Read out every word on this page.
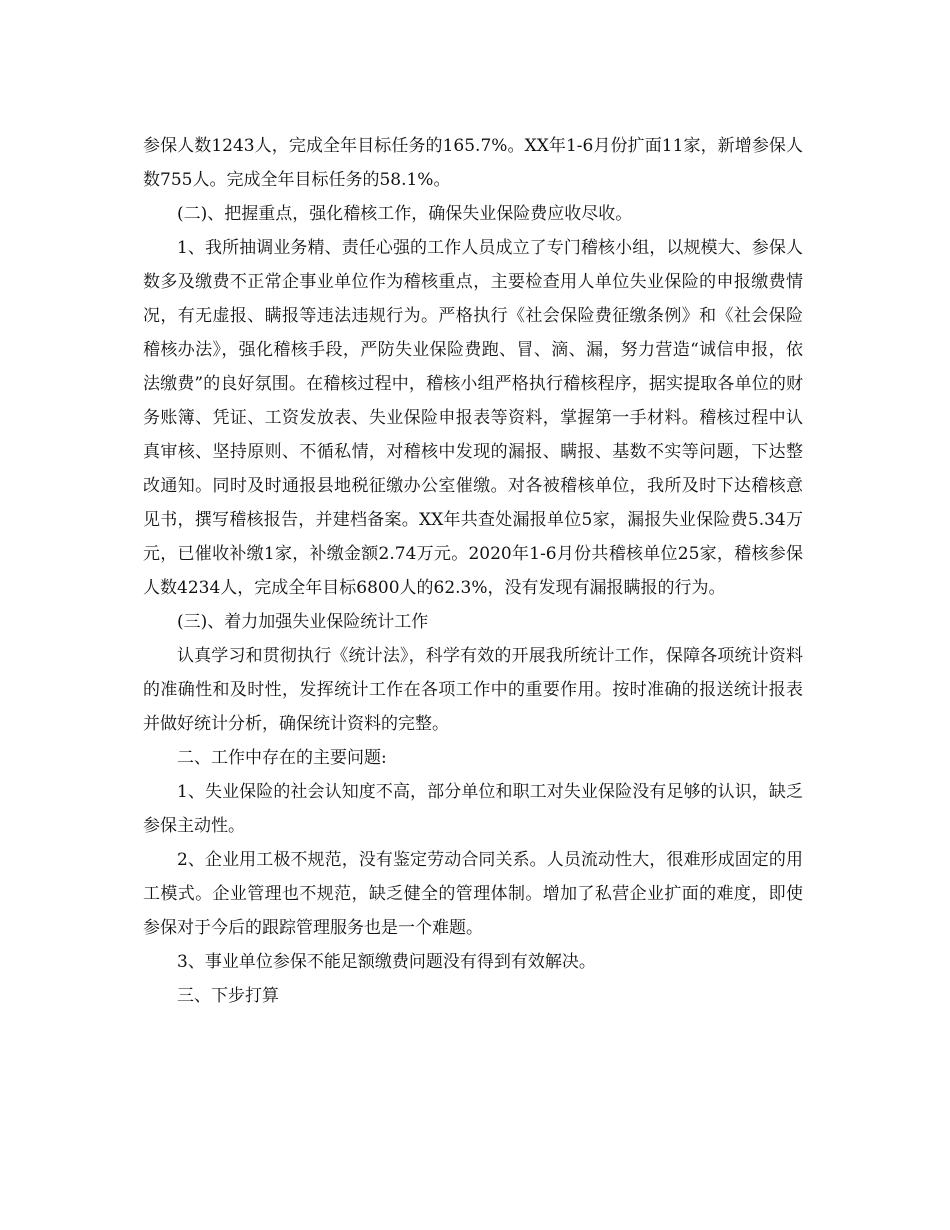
参保人数1243人，完成全年目标任务的165.7%。XX年1-6月份扩面11家，新增参保人数755人。完成全年目标任务的58.1%。

(二)、把握重点，强化稽核工作，确保失业保险费应收尽收。

1、我所抽调业务精、责任心强的工作人员成立了专门稽核小组，以规模大、参保人数多及缴费不正常企事业单位作为稽核重点，主要检查用人单位失业保险的申报缴费情况，有无虚报、瞒报等违法违规行为。严格执行《社会保险费征缴条例》和《社会保险稽核办法》，强化稽核手段，严防失业保险费跑、冒、滴、漏，努力营造“诚信申报，依法缴费”的良好氛围。在稽核过程中，稽核小组严格执行稽核程序，据实提取各单位的财务账簿、凭证、工资发放表、失业保险申报表等资料，掌握第一手材料。稽核过程中认真审核、坚持原则、不循私情，对稽核中发现的漏报、瞒报、基数不实等问题，下达整改通知。同时及时通报县地税征缴办公室催缴。对各被稽核单位，我所及时下达稽核意见书，撰写稽核报告，并建档备案。XX年共查处漏报单位5家，漏报失业保险费5.34万元，已催收补缴1家，补缴金额2.74万元。2020年1-6月份共稽核单位25家，稽核参保人数4234人，完成全年目标6800人的62.3%，没有发现有漏报瞒报的行为。

(三)、着力加强失业保险统计工作

认真学习和贯彻执行《统计法》，科学有效的开展我所统计工作，保障各项统计资料的准确性和及时性，发挥统计工作在各项工作中的重要作用。按时准确的报送统计报表并做好统计分析，确保统计资料的完整。

二、工作中存在的主要问题:

1、失业保险的社会认知度不高，部分单位和职工对失业保险没有足够的认识，缺乏参保主动性。

2、企业用工极不规范，没有鉴定劳动合同关系。人员流动性大，很难形成固定的用工模式。企业管理也不规范，缺乏健全的管理体制。增加了私营企业扩面的难度，即使参保对于今后的跟踪管理服务也是一个难题。

3、事业单位参保不能足额缴费问题没有得到有效解决。

三、下步打算
